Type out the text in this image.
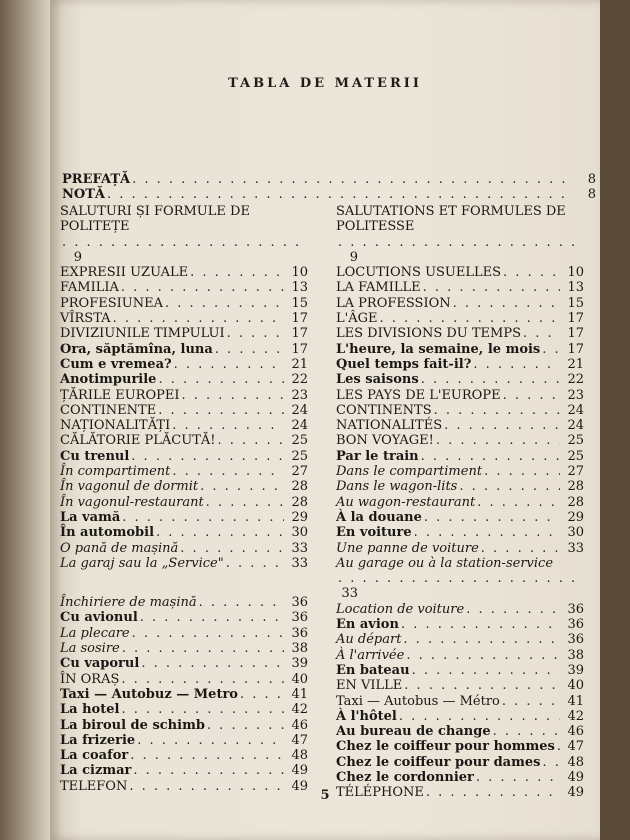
TABLA DE MATERII
PREFAȚĂ . . .	8
NOTĂ . . .	8
SALUTURI ȘI FORMULE DE POLITEȚE
. . .
9
EXPRESII UZUALE . . .	10
FAMILIA . . .	13
PROFESIUNEA . . .	15
VÎRSTA . . .	17
DIVIZIUNILE TIMPULUI . . .	17
Ora, săptămîna, luna . . .	17
Cum e vremea? . . .	21
Anotimpurile . . .	22
ȚĂRILE EUROPEI . . .	23
CONTINENTE . . .	24
NAȚIONALITĂȚI . . .	24
CĂLĂTORIE PLĂCUTĂ! . . .	25
Cu trenul . . .	25
În compartiment . . .	27
În vagonul de dormit . . .	28
În vagonul-restaurant . . .	28
La vamă . . .	29
În automobil . . .	30
O pană de mașină . . .	33
La garaj sau la „Service" . . .	33
Închiriere de mașină . . .	36
Cu avionul . . .	36
La plecare . . .	36
La sosire . . .	38
Cu vaporul . . .	39
ÎN ORAȘ . . .	40
Taxi — Autobuz — Metro . . .	41
La hotel . . .	42
La biroul de schimb . . .	46
La frizerie . . .	47
La coafor . . .	48
La cizmar . . .	49
TELEFON . . .	49
SALUTATIONS ET FORMULES DE POLITESSE
. . .
9
LOCUTIONS USUELLES . . .	10
LA FAMILLE . . .	13
LA PROFESSION . . .	15
L'ÂGE . . .	17
LES DIVISIONS DU TEMPS . . .	17
L'heure, la semaine, le mois . . .	17
Quel temps fait-il? . . .	21
Les saisons . . .	22
LES PAYS DE L'EUROPE . . .	23
CONTINENTS . . .	24
NATIONALITÉS . . .	24
BON VOYAGE! . . .	25
Par le train . . .	25
Dans le compartiment . . .	27
Dans le wagon-lits . . .	28
Au wagon-restaurant . . .	28
À la douane . . .	29
En voiture . . .	30
Une panne de voiture . . .	33
Au garage ou à la station-service
. . .
33
Location de voiture . . .	36
En avion . . .	36
Au départ . . .	36
À l'arrivée . . .	38
En bateau . . .	39
EN VILLE . . .	40
Taxi — Autobus — Métro . . .	41
À l'hôtel . . .	42
Au bureau de change . . .	46
Chez le coiffeur pour hommes . . . 47
Chez le coiffeur pour dames . . .	48
Chez le cordonnier . . .	49
TÉLÉPHONE . . .	49
5
